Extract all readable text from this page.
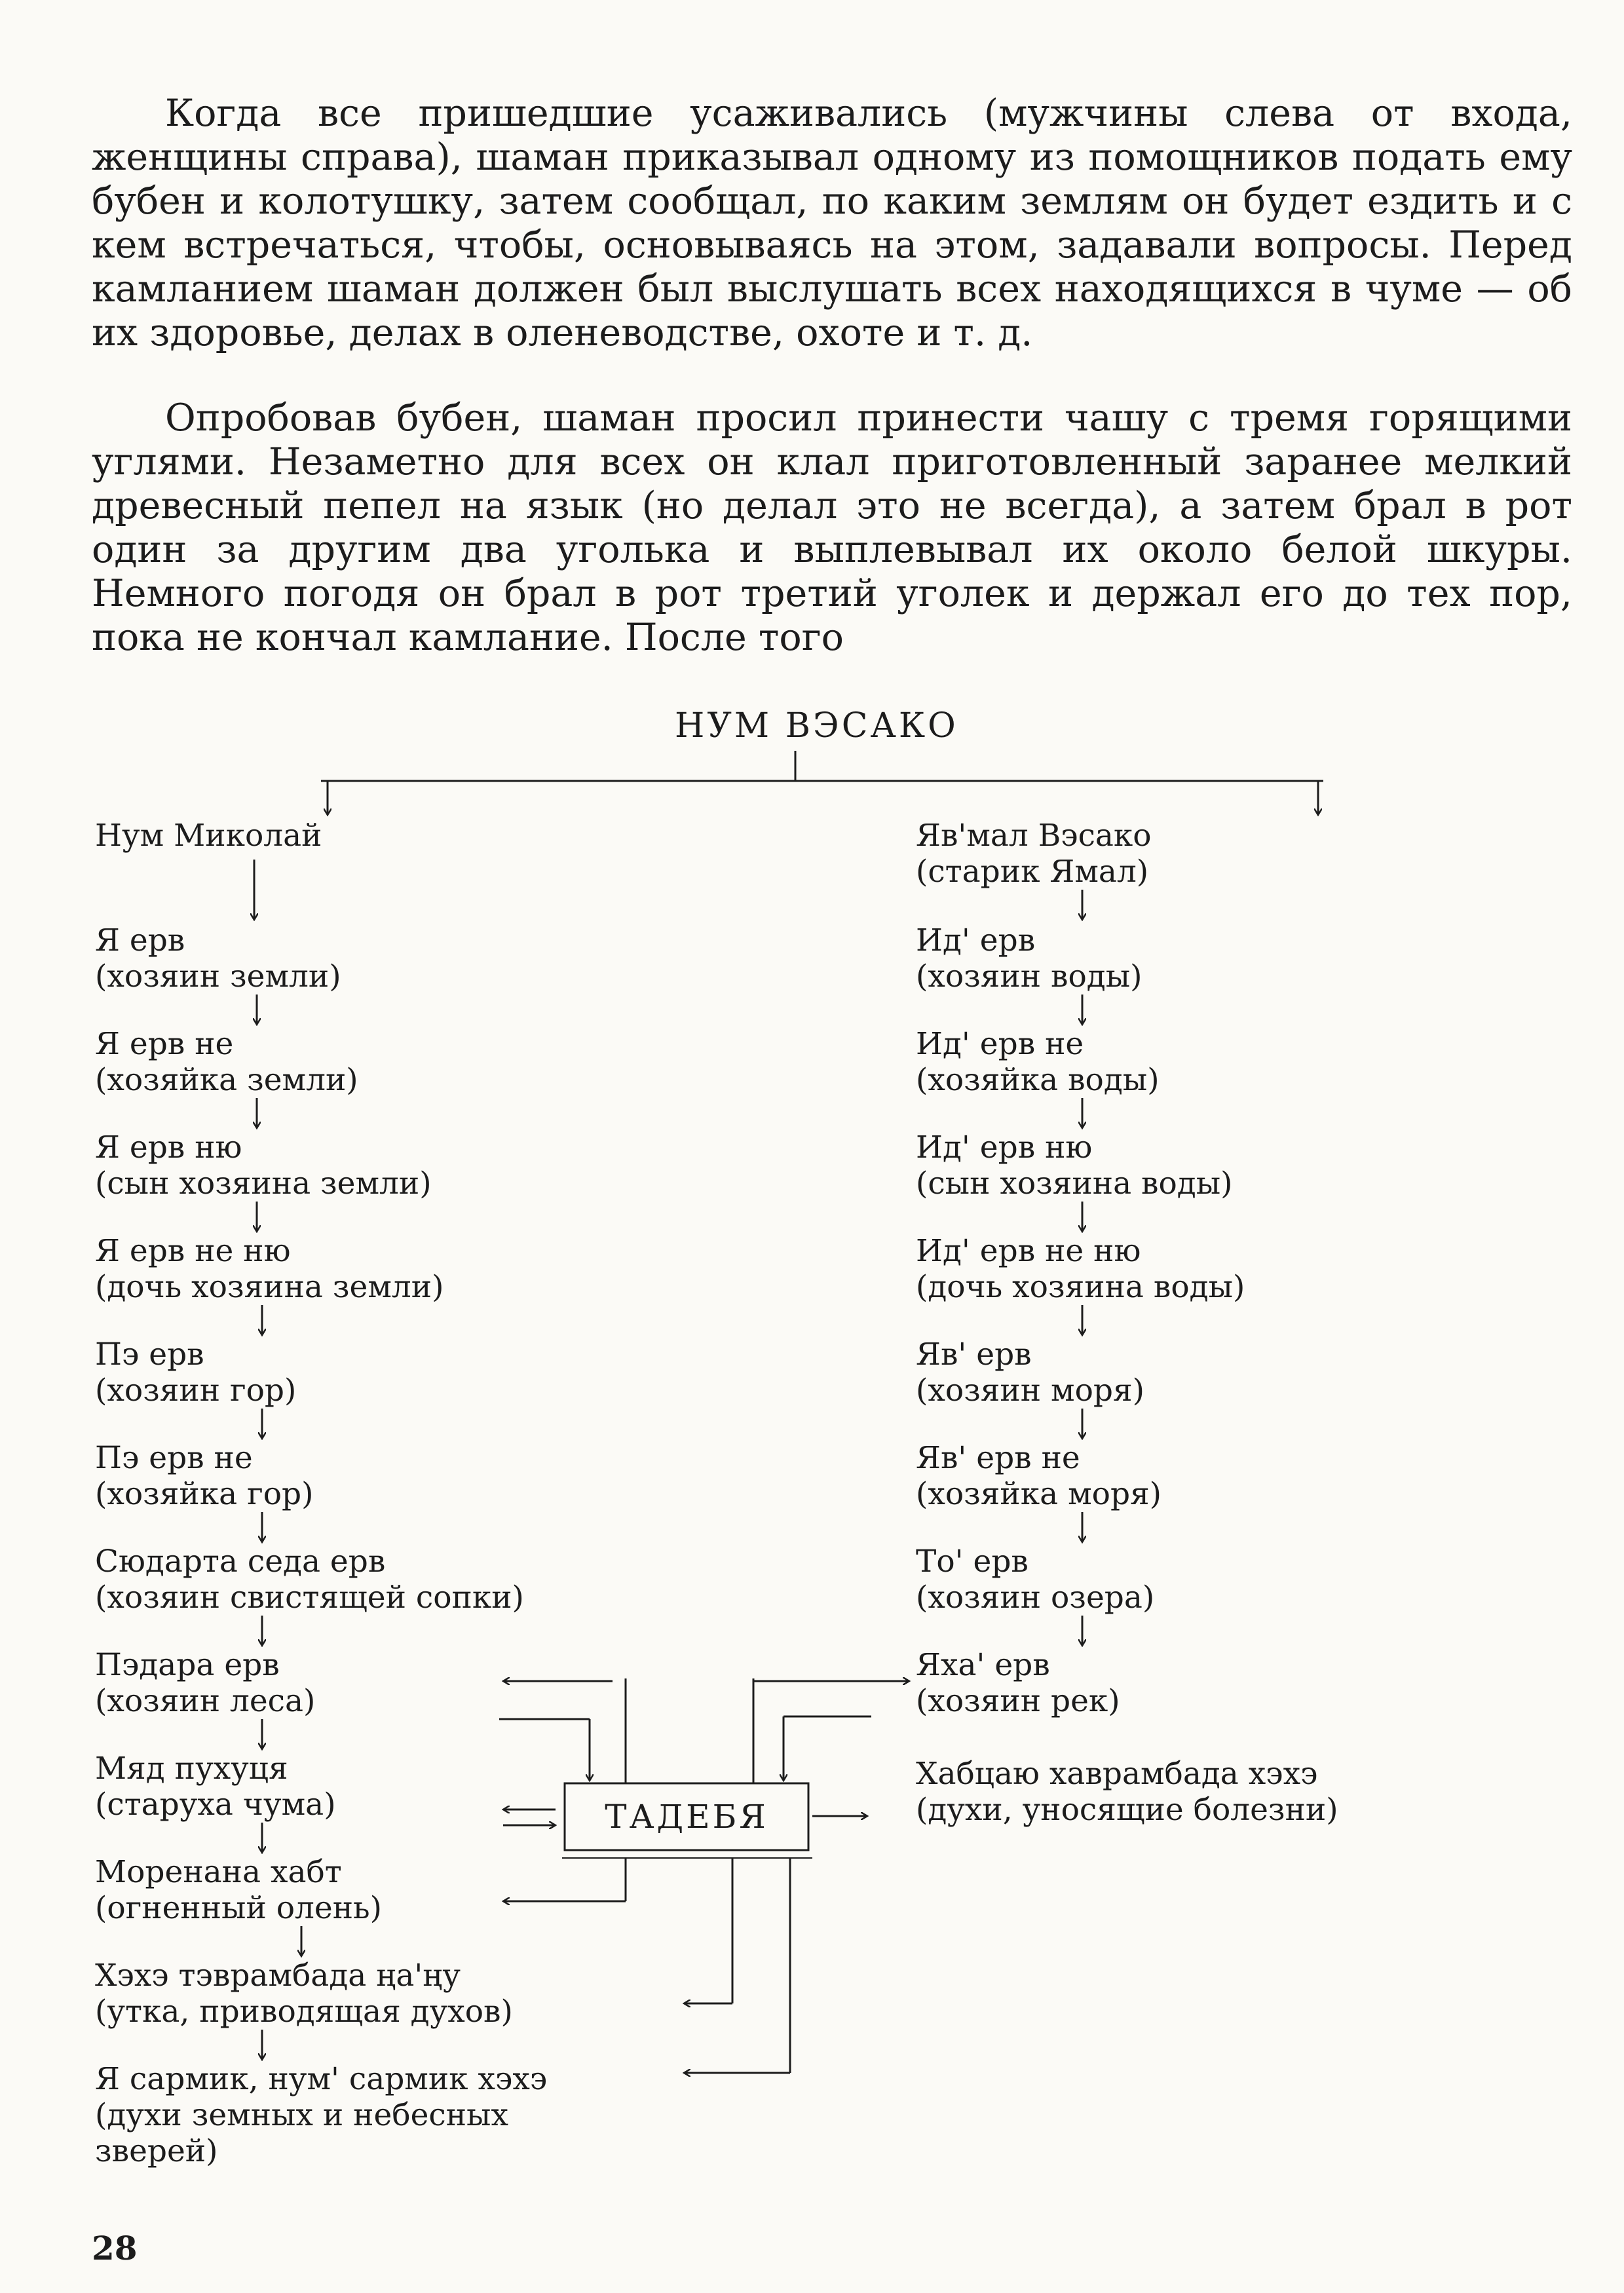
Когда все пришедшие усаживались (мужчины слева от входа, женщины справа), шаман приказывал одному из помощников подать ему бубен и колотушку, затем сообщал, по каким землям он будет ездить и с кем встречаться, чтобы, основываясь на этом, задавали вопросы. Перед камланием шаман должен был выслушать всех находящихся в чуме — об их здоровье, делах в оленеводстве, охоте и т. д.

Опробовав бубен, шаман просил принести чашу с тремя горящими углями. Незаметно для всех он клал приготовленный заранее мелкий древесный пепел на язык (но делал это не всегда), а затем брал в рот один за другим два уголька и выплевывал их около белой шкуры. Немного погодя он брал в рот третий уголек и держал его до тех пор, пока не кончал камлание. После того

НУМ ВЭСАКО
Нум Миколай
Я ерв
(хозяин земли)
Я ерв не
(хозяйка земли)
Я ерв ню
(сын хозяина земли)
Я ерв не ню
(дочь хозяина земли)
Пэ ерв
(хозяин гор)
Пэ ерв не
(хозяйка гор)
Сюдарта седа ерв
(хозяин свистящей сопки)
Пэдара ерв
(хозяин леса)
Мяд пухуця
(старуха чума)
Моренана хабт
(огненный олень)
Хэхэ тэврамбада ңа'ңу
(утка, приводящая духов)
Я сармик, нум' сармик хэхэ
(духи земных и небесных
зверей)
Яв'мал Вэсако
(старик Ямал)
Ид' ерв
(хозяин воды)
Ид' ерв не
(хозяйка воды)
Ид' ерв ню
(сын хозяина воды)
Ид' ерв не ню
(дочь хозяина воды)
Яв' ерв
(хозяин моря)
Яв' ерв не
(хозяйка моря)
То' ерв
(хозяин озера)
Яха' ерв
(хозяин рек)
Хабцаю хаврамбада хэхэ
(духи, уносящие болезни)
ТАДЕБЯ
28
